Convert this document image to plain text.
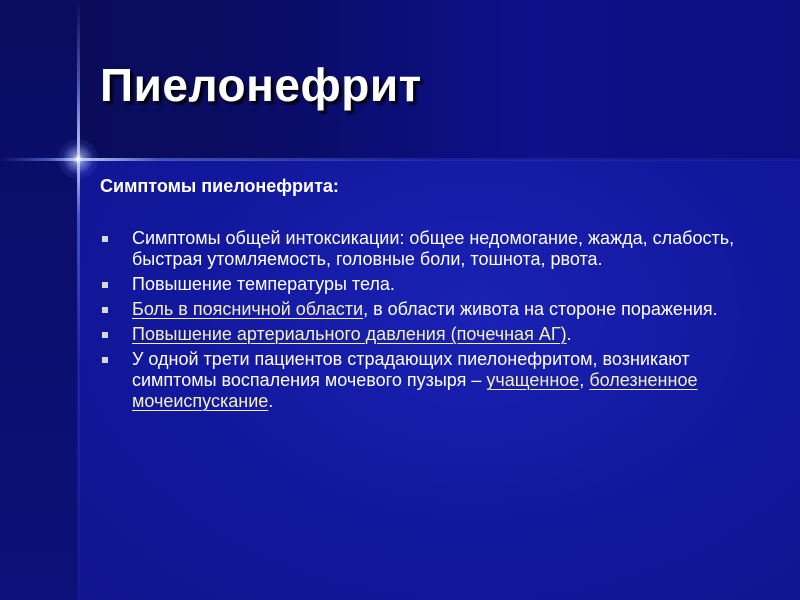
Пиелонефрит
Симптомы пиелонефрита:
Симптомы общей интоксикации: общее недомогание, жажда, слабость, быстрая утомляемость, головные боли, тошнота, рвота.
Повышение температуры тела.
Боль в поясничной области, в области живота на стороне поражения.
Повышение артериального давления (почечная АГ).
У одной трети пациентов страдающих пиелонефритом, возникают симптомы воспаления мочевого пузыря – учащенное, болезненное мочеиспускание.
